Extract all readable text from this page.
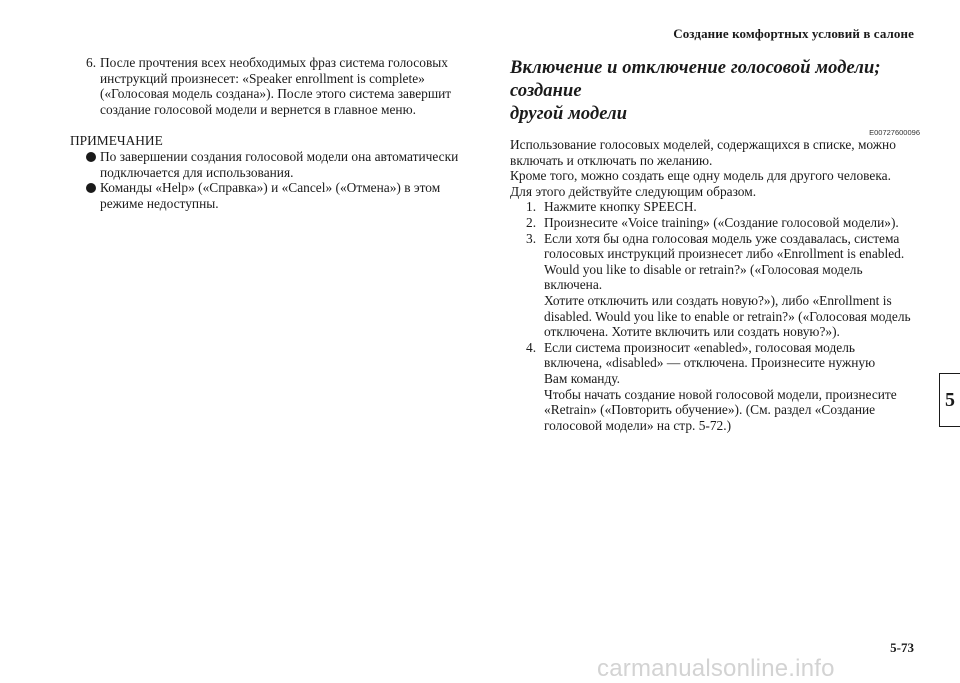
Создание комфортных условий в салоне
6. После прочтения всех необходимых фраз система голосовых

инструкций произнесет: «Speaker enrollment is complete»

(«Голосовая модель создана»). После этого система завершит

создание голосовой модели и вернется в главное меню.

ПРИМЕЧАНИЕ

По завершении создания голосовой модели она автоматически

подключается для использования.

Команды «Help» («Справка») и «Cancel» («Отмена») в этом

режиме недоступны.

Включение и отключение голосовой модели; создание

другой модели

E00727600096

Использование голосовых моделей, содержащихся в списке, можно

включать и отключать по желанию.

Кроме того, можно создать еще одну модель для другого человека.

Для этого действуйте следующим образом.

1. Нажмите кнопку SPEECH.

2. Произнесите «Voice training» («Создание голосовой модели»).

3. Если хотя бы одна голосовая модель уже создавалась, система

голосовых инструкций произнесет либо «Enrollment is enabled.

Would you like to disable or retrain?» («Голосовая модель включена.

Хотите отключить или создать новую?»), либо «Enrollment is

disabled. Would you like to enable or retrain?» («Голосовая модель

отключена. Хотите включить или создать новую?»).

4. Если система произносит «enabled», голосовая модель

включена, «disabled» — отключена. Произнесите нужную

Вам команду.

Чтобы начать создание новой голосовой модели, произнесите

«Retrain» («Повторить обучение»). (См. раздел «Создание

голосовой модели» на стр. 5-72.)

5
5-73
carmanualsonline.info
